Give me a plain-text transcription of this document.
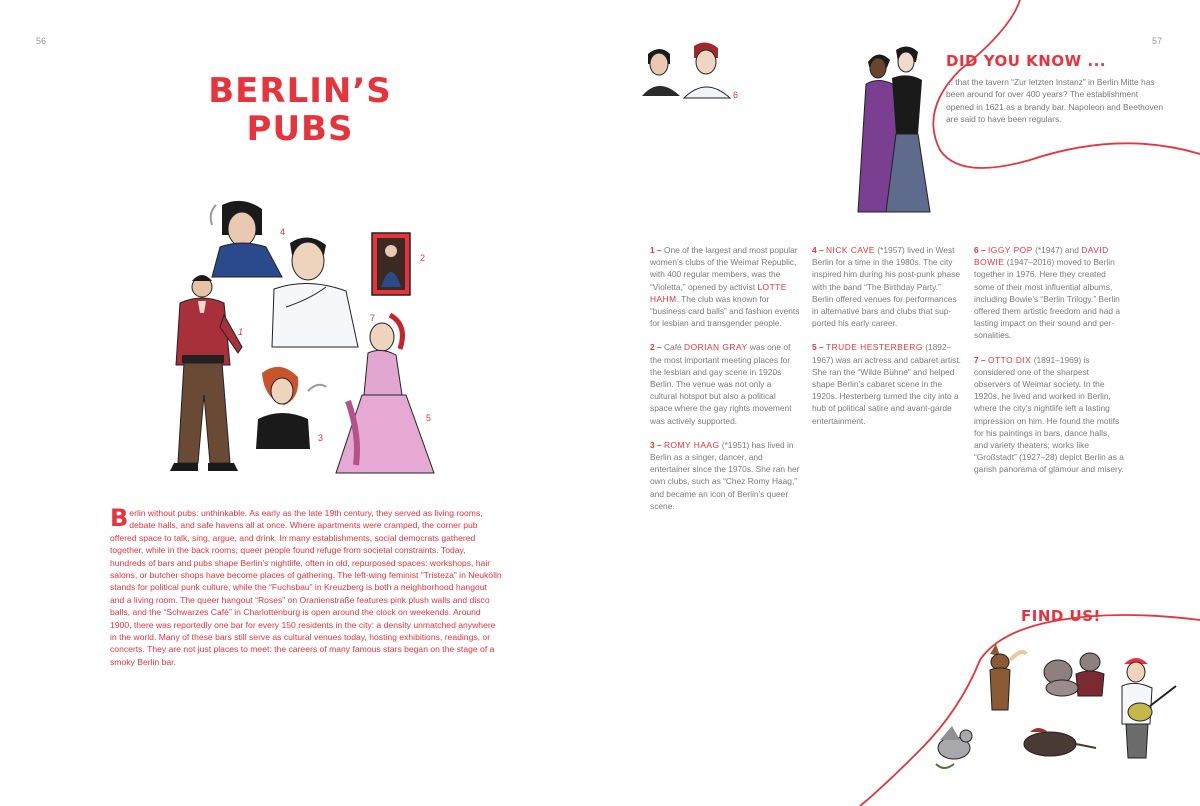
56	57
BERLIN’S
PUBS
1
2
3
4
5
7
Berlin without pubs: unthinkable. As early as the late 19th century, they served as living rooms, debate halls, and safe havens all at once. Where apartments were cramped, the corner pub offered space to talk, sing, argue, and drink. In many establishments, social democrats gathered together, while in the back rooms, queer people found refuge from societal constraints. Today, hundreds of bars and pubs shape Berlin’s nightlife, often in old, repurposed spaces: workshops, hair salons, or butcher shops have become places of gathering. The left-wing feminist “Tristeza” in Neukölln stands for political punk culture, while the “Fuchsbau” in Kreuzberg is both a neighborhood hangout and a living room. The queer hangout “Roses” on Oranienstraße features pink plush walls and disco balls, and the “Schwarzes Café” in Charlottenburg is open around the clock on weekends. Around 1900, there was reportedly one bar for every 150 residents in the city: a density unmatched anywhere in the world. Many of these bars still serve as cultural venues today, hosting exhibitions, readings, or concerts. They are not just places to meet: the careers of many famous stars began on the stage of a smoky Berlin bar.
6
DID YOU KNOW ...
... that the tavern “Zur letzten Instanz” in Berlin Mitte has been around for over 400 years? The establishment opened in 1621 as a brandy bar. Napoleon and Beethoven are said to have been regulars.

1 – One of the largest and most popular women’s clubs of the Weimar Republic, with 400 regular members, was the “Violetta,” opened by activist LOTTE HAHM. The club was known for “business card balls” and fashion events for lesbian and transgender people.

2 – Café DORIAN GRAY was one of the most important meeting places for the lesbian and gay scene in 1920s Berlin. The venue was not only a cultural hotspot but also a political space where the gay rights movement was actively supported.

3 – ROMY HAAG (*1951) has lived in Berlin as a singer, dancer, and entertainer since the 1970s. She ran her own clubs, such as “Chez Romy Haag,” and became an icon of Berlin’s queer scene.

4 – NICK CAVE (*1957) lived in West Berlin for a time in the 1980s. The city inspired him during his post-punk phase with the band “The Birthday Party.” Berlin offered venues for performances in alternative bars and clubs that supported his early career.

5 – TRUDE HESTERBERG (1892–1967) was an actress and cabaret artist. She ran the “Wilde Bühne” and helped shape Berlin’s cabaret scene in the 1920s. Hesterberg turned the city into a hub of political satire and avant-garde entertainment.

6 – IGGY POP (*1947) and DAVID BOWIE (1947–2016) moved to Berlin together in 1976. Here they created some of their most influential albums, including Bowie’s “Berlin Trilogy.” Berlin offered them artistic freedom and had a lasting impact on their sound and personalities.

7 – OTTO DIX (1891–1969) is considered one of the sharpest observers of Weimar society. In the 1920s, he lived and worked in Berlin, where the city’s nightlife left a lasting impression on him. He found the motifs for his paintings in bars, dance halls, and variety theaters; works like “Großstadt” (1927–28) depict Berlin as a garish panorama of glamour and misery.

FIND US!
